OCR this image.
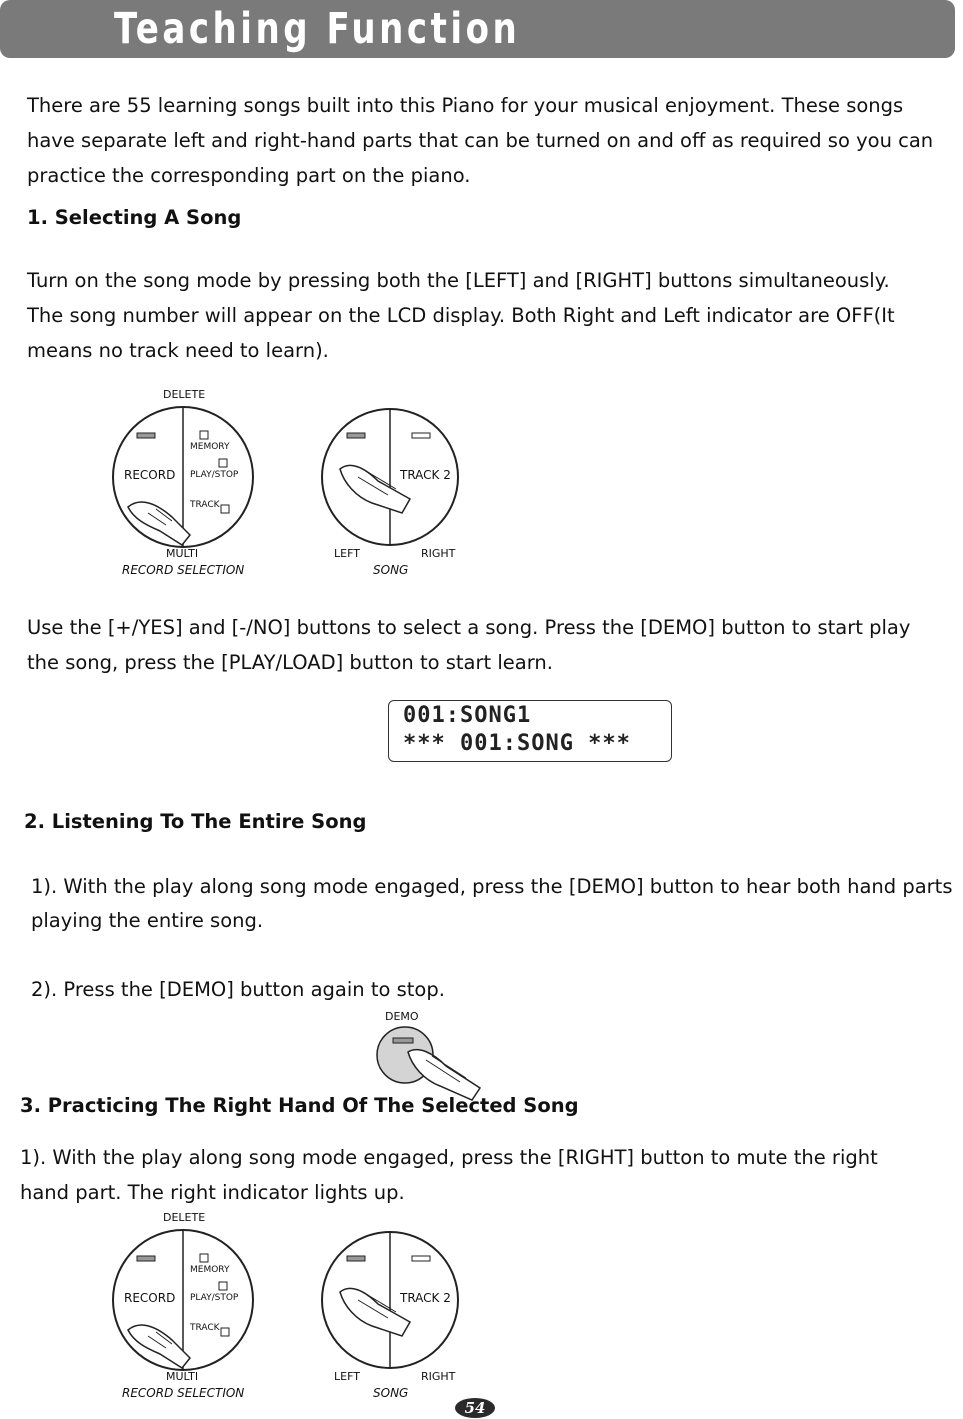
Teaching Function
There are 55 learning songs built into this Piano for your musical enjoyment. These songs
have separate left and right-hand parts that can be turned on and off as required so you can
practice the corresponding part on the piano.
1. Selecting A Song
Turn on the song mode by pressing both the [LEFT] and [RIGHT] buttons simultaneously.
The song number will appear on the LCD display. Both Right and Left indicator are OFF(It
means no track need to learn).
DELETE
MEMORY
RECORD PLAY/STOP
TRACK
MULTI
RECORD SELECTION
TRACK 2
LEFT	RIGHT
SONG
Use the [+/YES] and [-/NO] buttons to select a song. Press the [DEMO] button to start play
the song, press the [PLAY/LOAD] button to start learn.
001:SONG1
*** 001:SONG ***
2. Listening To The Entire Song
1). With the play along song mode engaged, press the [DEMO] button to hear both hand parts
playing the entire song.
2). Press the [DEMO] button again to stop.
DEMO
3. Practicing The Right Hand Of The Selected Song
1). With the play along song mode engaged, press the [RIGHT] button to mute the right
hand part. The right indicator lights up.
DELETE
MEMORY
RECORD PLAY/STOP
TRACK
MULTI
RECORD SELECTION
TRACK 2
LEFT	RIGHT
SONG
54
